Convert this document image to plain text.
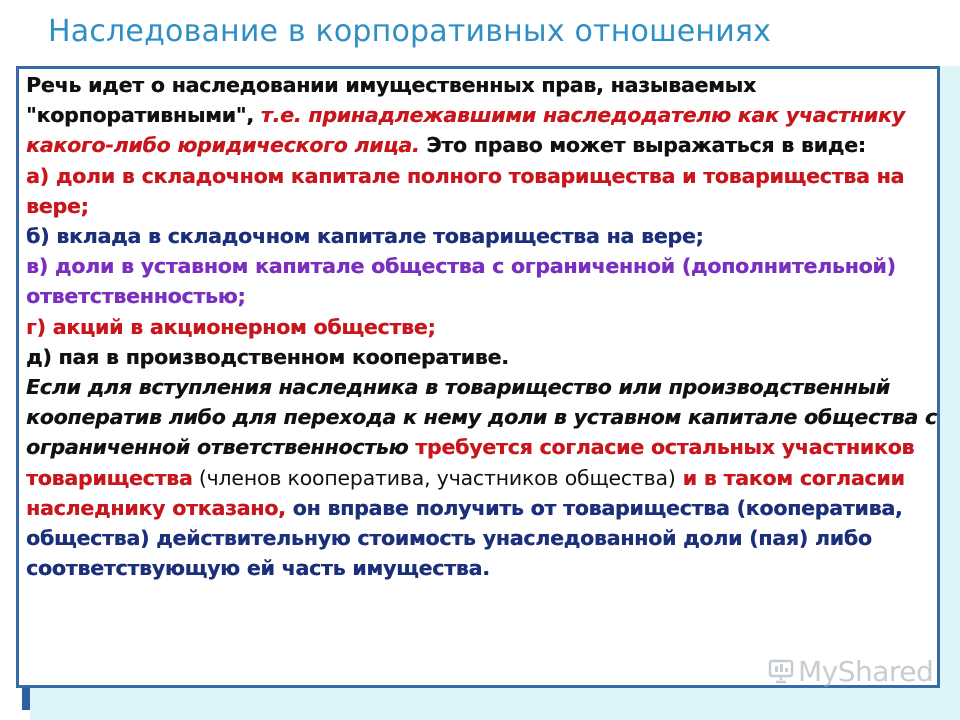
Наследование в корпоративных отношениях

Речь идет о наследовании имущественных прав, называемых "корпоративными", т.е. принадлежавшими наследодателю как участнику какого-либо юридического лица. Это право может выражаться в виде:

а) доли в складочном капитале полного товарищества и товарищества на вере;

б) вклада в складочном капитале товарищества на вере;

в) доли в уставном капитале общества с ограниченной (дополнительной) ответственностью;

г) акций в акционерном обществе;

д) пая в производственном кооперативе.

Если для вступления наследника в товарищество или производственный кооператив либо для перехода к нему доли в уставном капитале общества с ограниченной ответственностью требуется согласие остальных участников товарищества (членов кооператива, участников общества) и в таком согласии наследнику отказано, он вправе получить от товарищества (кооператива, общества) действительную стоимость унаследованной доли (пая) либо соответствующую ей часть имущества.

MyShared
